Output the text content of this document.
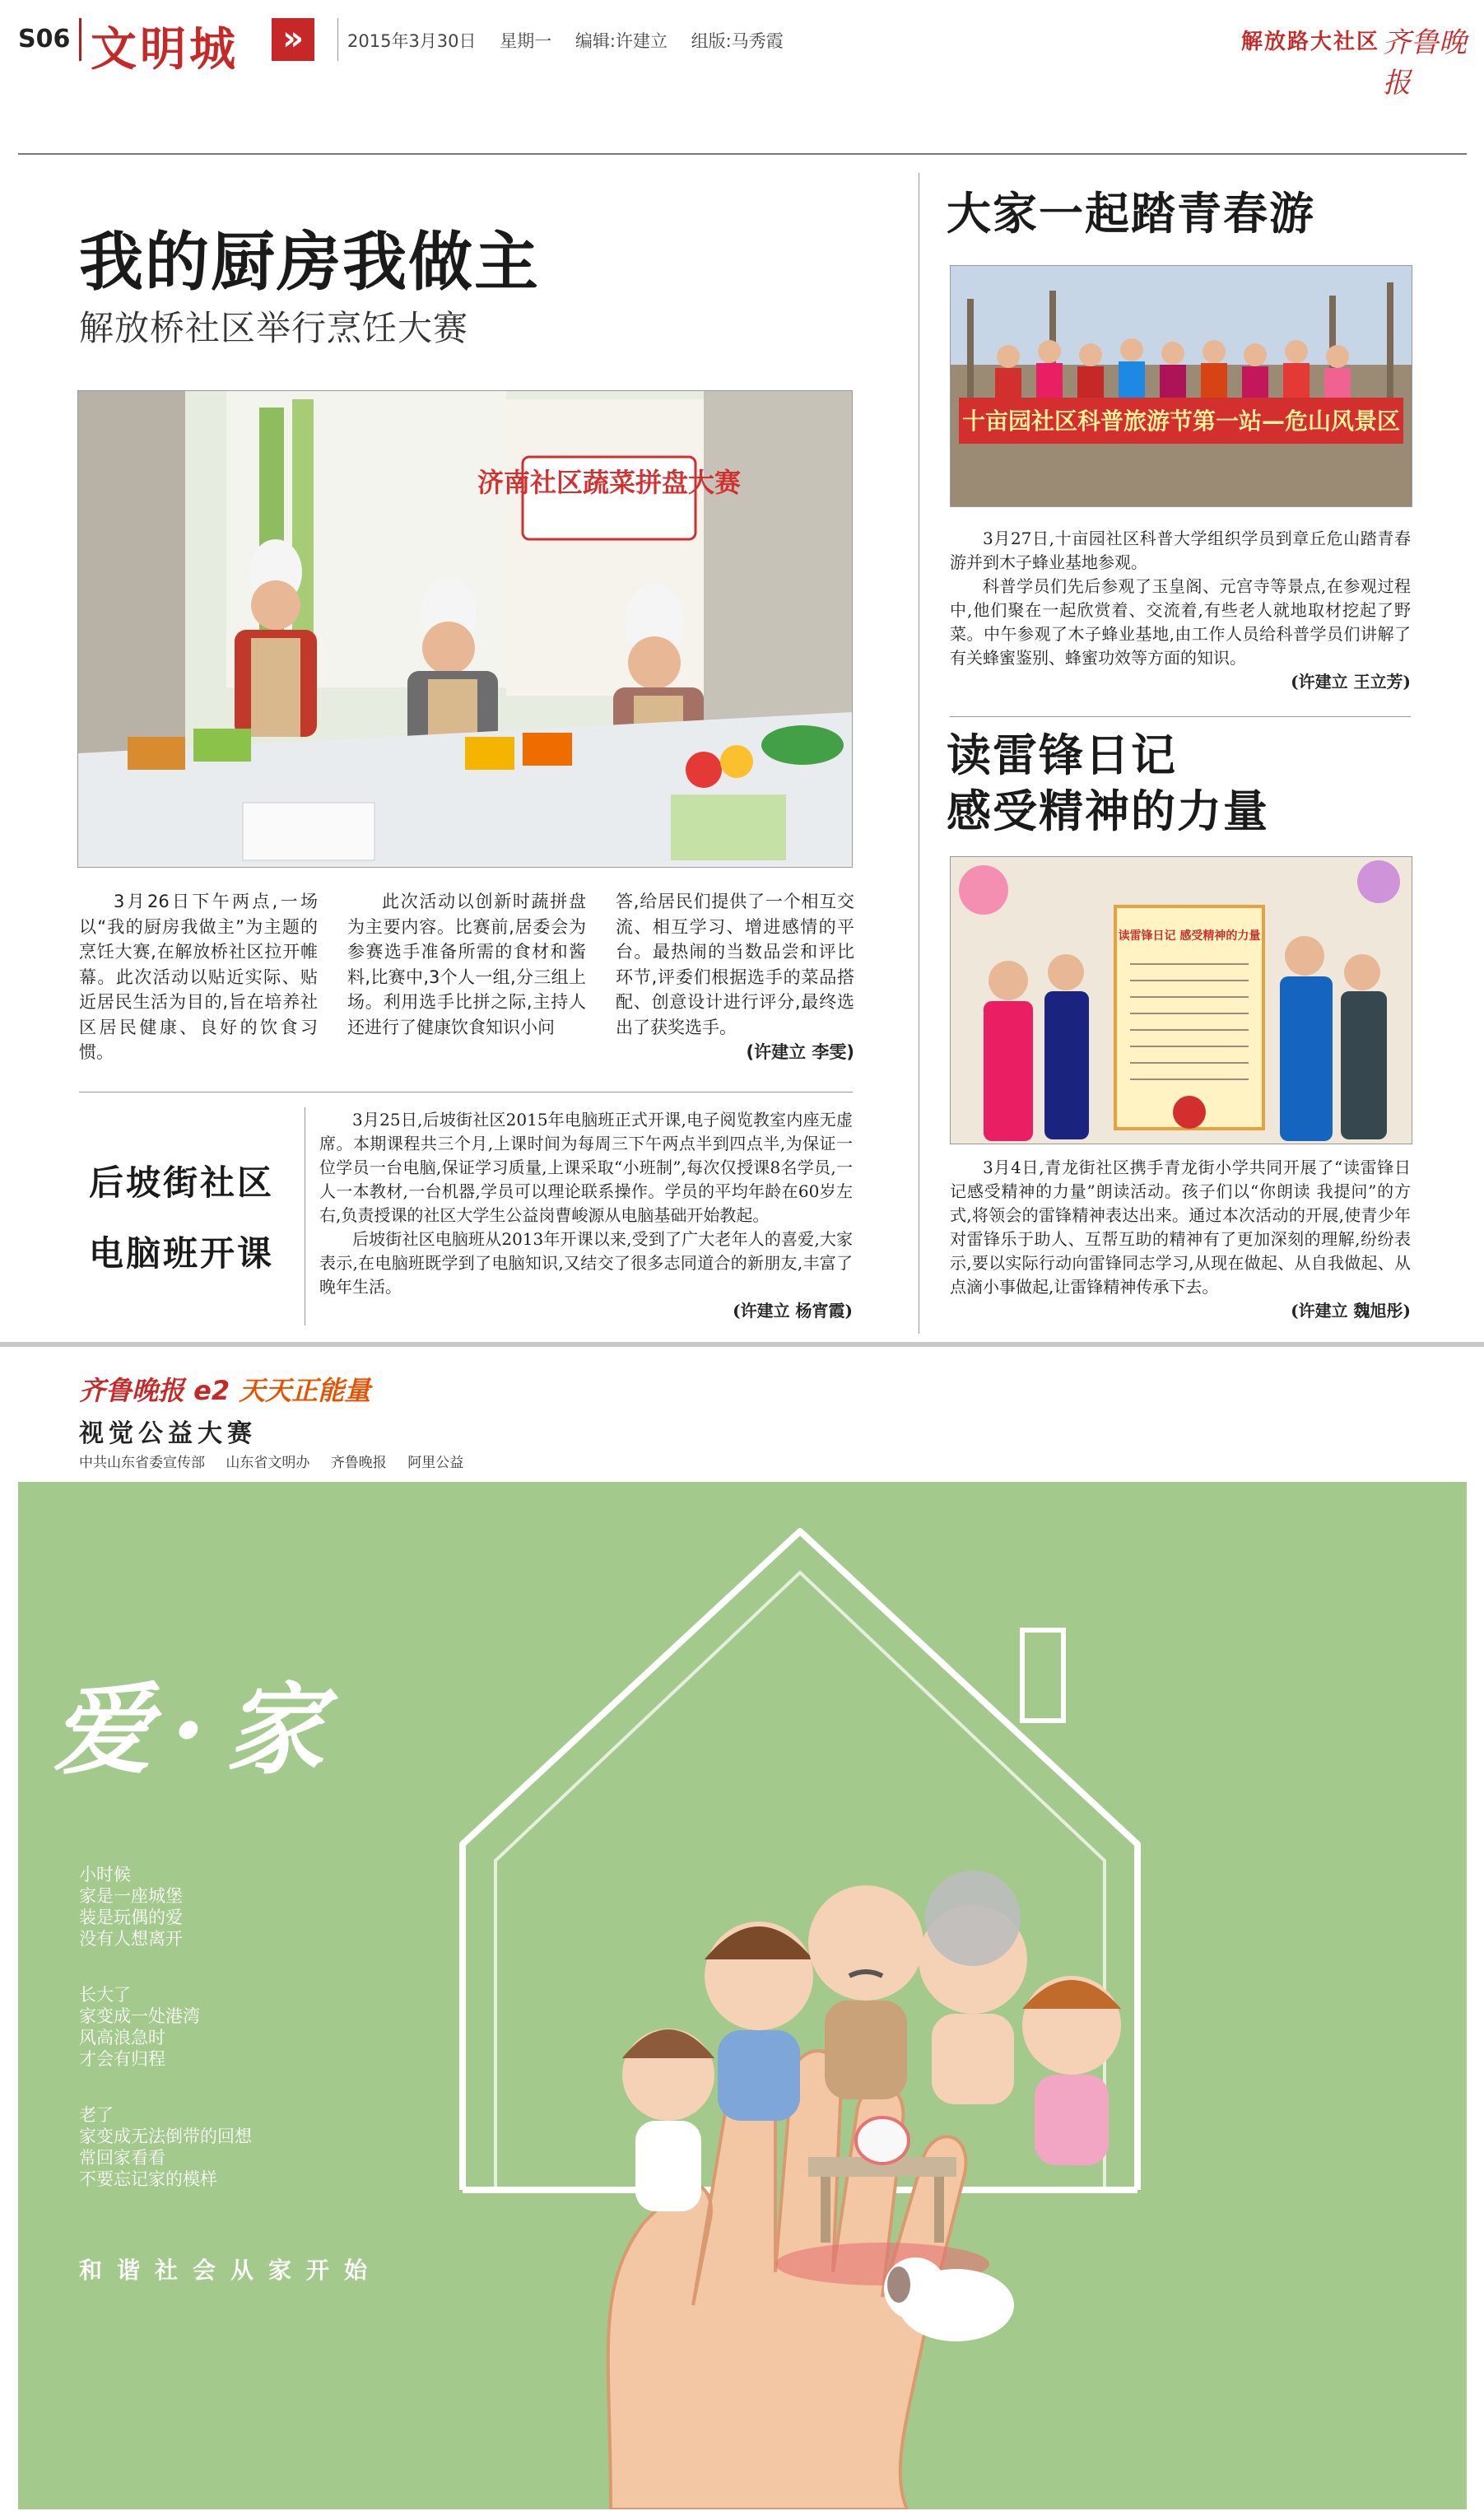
S06 文明城	»	2015年3月30日 星期一 编辑:许建立 组版:马秀霞	解放路大社区 齐鲁晚报
我的厨房我做主
解放桥社区举行烹饪大赛
济南社区蔬菜拼盘大赛

3月26日下午两点,一场以“我的厨房我做主”为主题的烹饪大赛,在解放桥社区拉开帷幕。此次活动以贴近实际、贴近居民生活为目的,旨在培养社区居民健康、良好的饮食习惯。

此次活动以创新时蔬拼盘为主要内容。比赛前,居委会为参赛选手准备所需的食材和酱料,比赛中,3个人一组,分三组上场。利用选手比拼之际,主持人还进行了健康饮食知识小问

答,给居民们提供了一个相互交流、相互学习、增进感情的平台。最热闹的当数品尝和评比环节,评委们根据选手的菜品搭配、创意设计进行评分,最终选出了获奖选手。

(许建立 李雯)
后坡街社区
电脑班开课

3月25日,后坡街社区2015年电脑班正式开课,电子阅览教室内座无虚席。本期课程共三个月,上课时间为每周三下午两点半到四点半,为保证一位学员一台电脑,保证学习质量,上课采取“小班制”,每次仅授课8名学员,一人一本教材,一台机器,学员可以理论联系操作。学员的平均年龄在60岁左右,负责授课的社区大学生公益岗曹峻源从电脑基础开始教起。

后坡街社区电脑班从2013年开课以来,受到了广大老年人的喜爱,大家表示,在电脑班既学到了电脑知识,又结交了很多志同道合的新朋友,丰富了晚年生活。

(许建立 杨宵霞)
大家一起踏青春游
十亩园社区科普旅游节第一站—危山风景区

3月27日,十亩园社区科普大学组织学员到章丘危山踏青春游并到木子蜂业基地参观。

科普学员们先后参观了玉皇阁、元宫寺等景点,在参观过程中,他们聚在一起欣赏着、交流着,有些老人就地取材挖起了野菜。中午参观了木子蜂业基地,由工作人员给科普学员们讲解了有关蜂蜜鉴别、蜂蜜功效等方面的知识。

(许建立 王立芳)
读雷锋日记
感受精神的力量
读雷锋日记 感受精神的力量

3月4日,青龙街社区携手青龙街小学共同开展了“读雷锋日记感受精神的力量”朗读活动。孩子们以“你朗读 我提问”的方式,将领会的雷锋精神表达出来。通过本次活动的开展,使青少年对雷锋乐于助人、互帮互助的精神有了更加深刻的理解,纷纷表示,要以实际行动向雷锋同志学习,从现在做起、从自我做起、从点滴小事做起,让雷锋精神传承下去。

(许建立 魏旭彤)
齐鲁晚报 e2 天天正能量
视觉公益大赛
中共山东省委宣传部 山东省文明办 齐鲁晚报 阿里公益
爱·家
小时候
家是一座城堡
装是玩偶的爱
没有人想离开
长大了
家变成一处港湾
风高浪急时
才会有归程
老了
家变成无法倒带的回想
常回家看看
不要忘记家的模样
和谐社会从家开始
